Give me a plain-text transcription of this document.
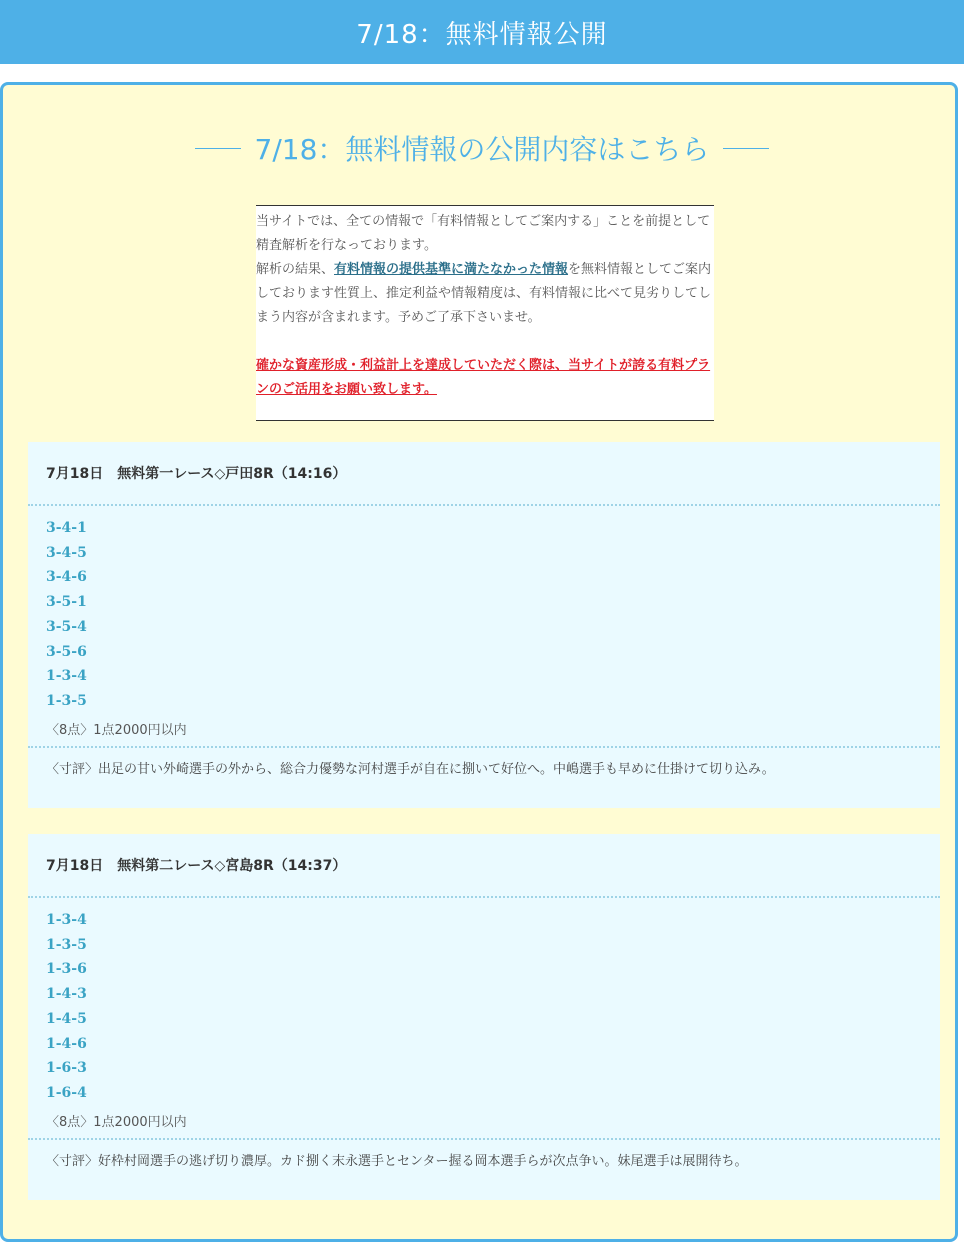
7/18：無料情報公開
7/18：無料情報の公開内容はこちら

当サイトでは、全ての情報で「有料情報としてご案内する」ことを前提として精査解析を行なっております。

解析の結果、有料情報の提供基準に満たなかった情報を無料情報としてご案内しております性質上、推定利益や情報精度は、有料情報に比べて見劣りしてしまう内容が含まれます。予めご了承下さいませ。

確かな資産形成・利益計上を達成していただく際は、当サイトが誇る有料プランのご活用をお願い致します。

7月18日　無料第一レース◇戸田8R（14:16）
3-4-1
3-4-5
3-4-6
3-5-1
3-5-4
3-5-6
1-3-4
1-3-5
〈8点〉1点2000円以内
〈寸評〉出足の甘い外崎選手の外から、総合力優勢な河村選手が自在に捌いて好位へ。中嶋選手も早めに仕掛けて切り込み。
7月18日　無料第二レース◇宮島8R（14:37）
1-3-4
1-3-5
1-3-6
1-4-3
1-4-5
1-4-6
1-6-3
1-6-4
〈8点〉1点2000円以内
〈寸評〉好枠村岡選手の逃げ切り濃厚。カド捌く末永選手とセンター握る岡本選手らが次点争い。妹尾選手は展開待ち。
